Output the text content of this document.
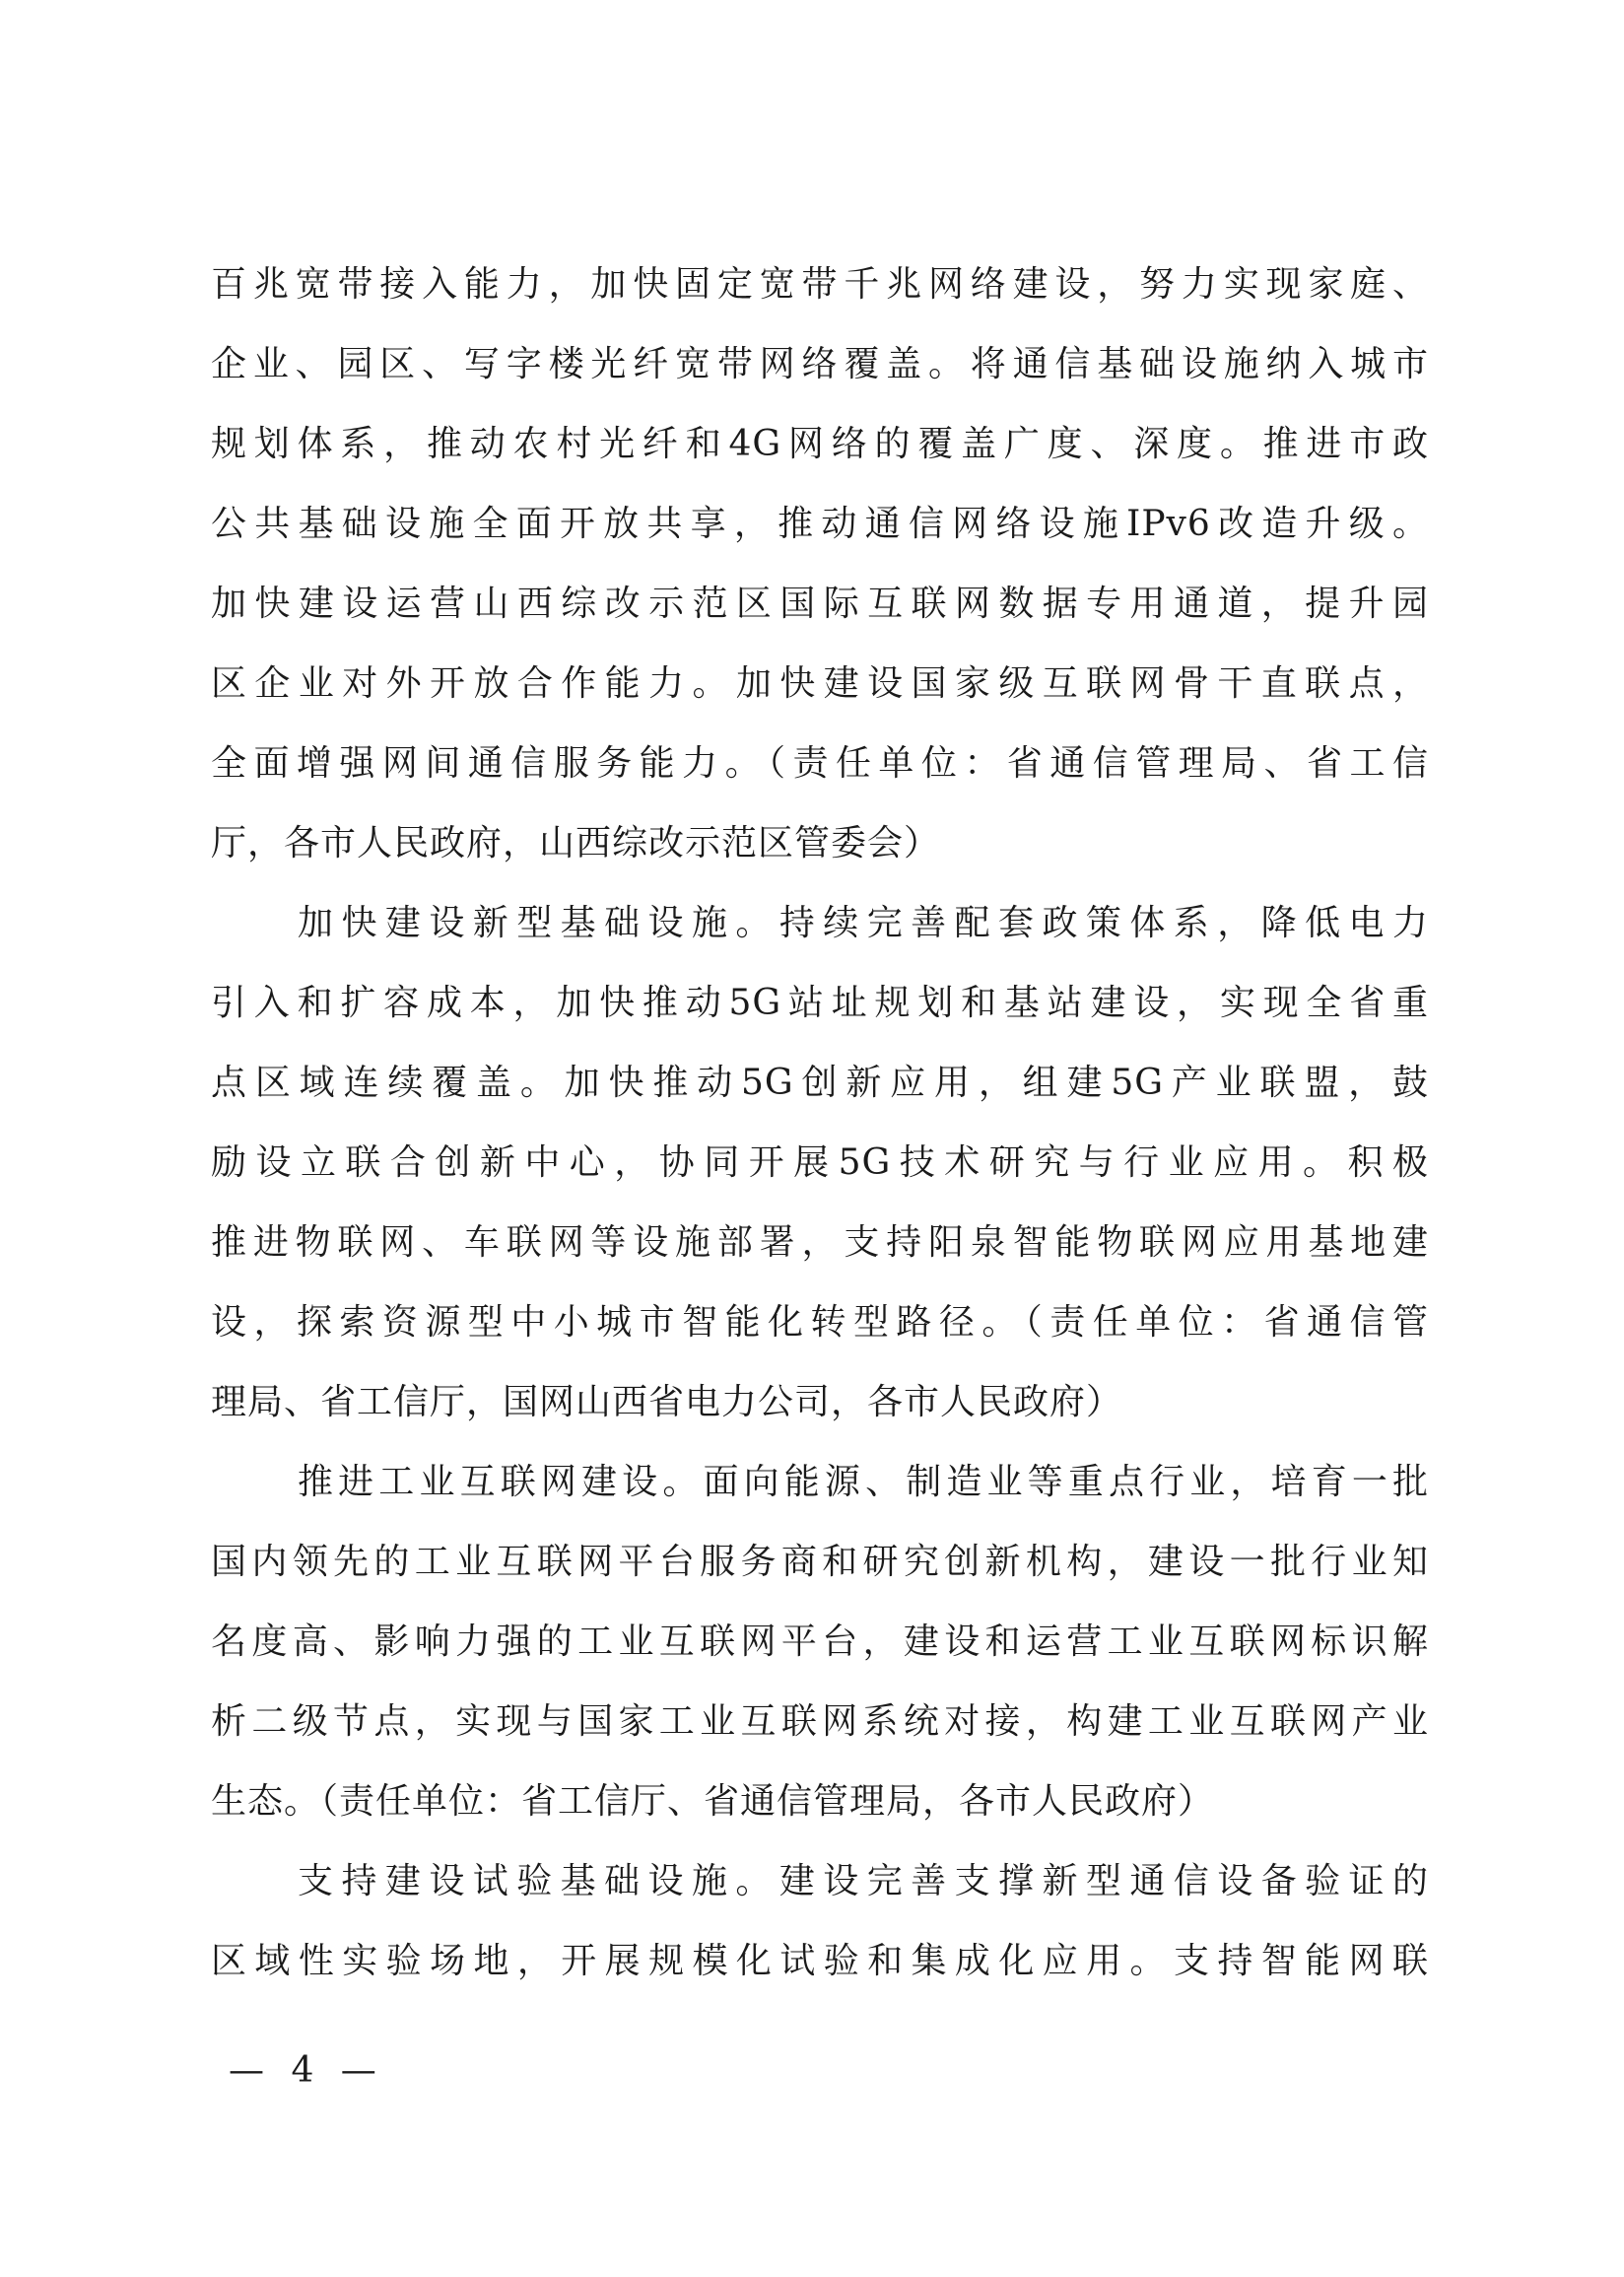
百兆宽带接入能力，加快固定宽带千兆网络建设，努力实现家庭、
企业、园区、写字楼光纤宽带网络覆盖。将通信基础设施纳入城市
规划体系，推动农村光纤和4G网络的覆盖广度、深度。推进市政
公共基础设施全面开放共享，推动通信网络设施IPv6改造升级。
加快建设运营山西综改示范区国际互联网数据专用通道，提升园
区企业对外开放合作能力。加快建设国家级互联网骨干直联点，
全面增强网间通信服务能力。（责任单位：省通信管理局、省工信
厅，各市人民政府，山西综改示范区管委会）
加快建设新型基础设施。持续完善配套政策体系，降低电力
引入和扩容成本，加快推动5G站址规划和基站建设，实现全省重
点区域连续覆盖。加快推动5G创新应用，组建5G产业联盟，鼓
励设立联合创新中心，协同开展5G技术研究与行业应用。积极
推进物联网、车联网等设施部署，支持阳泉智能物联网应用基地建
设，探索资源型中小城市智能化转型路径。（责任单位：省通信管
理局、省工信厅，国网山西省电力公司，各市人民政府）
推进工业互联网建设。面向能源、制造业等重点行业，培育一批
国内领先的工业互联网平台服务商和研究创新机构，建设一批行业知
名度高、影响力强的工业互联网平台，建设和运营工业互联网标识解
析二级节点，实现与国家工业互联网系统对接，构建工业互联网产业
生态。（责任单位：省工信厅、省通信管理局，各市人民政府）
支持建设试验基础设施。建设完善支撑新型通信设备验证的
区域性实验场地，开展规模化试验和集成化应用。支持智能网联
— 4 —
